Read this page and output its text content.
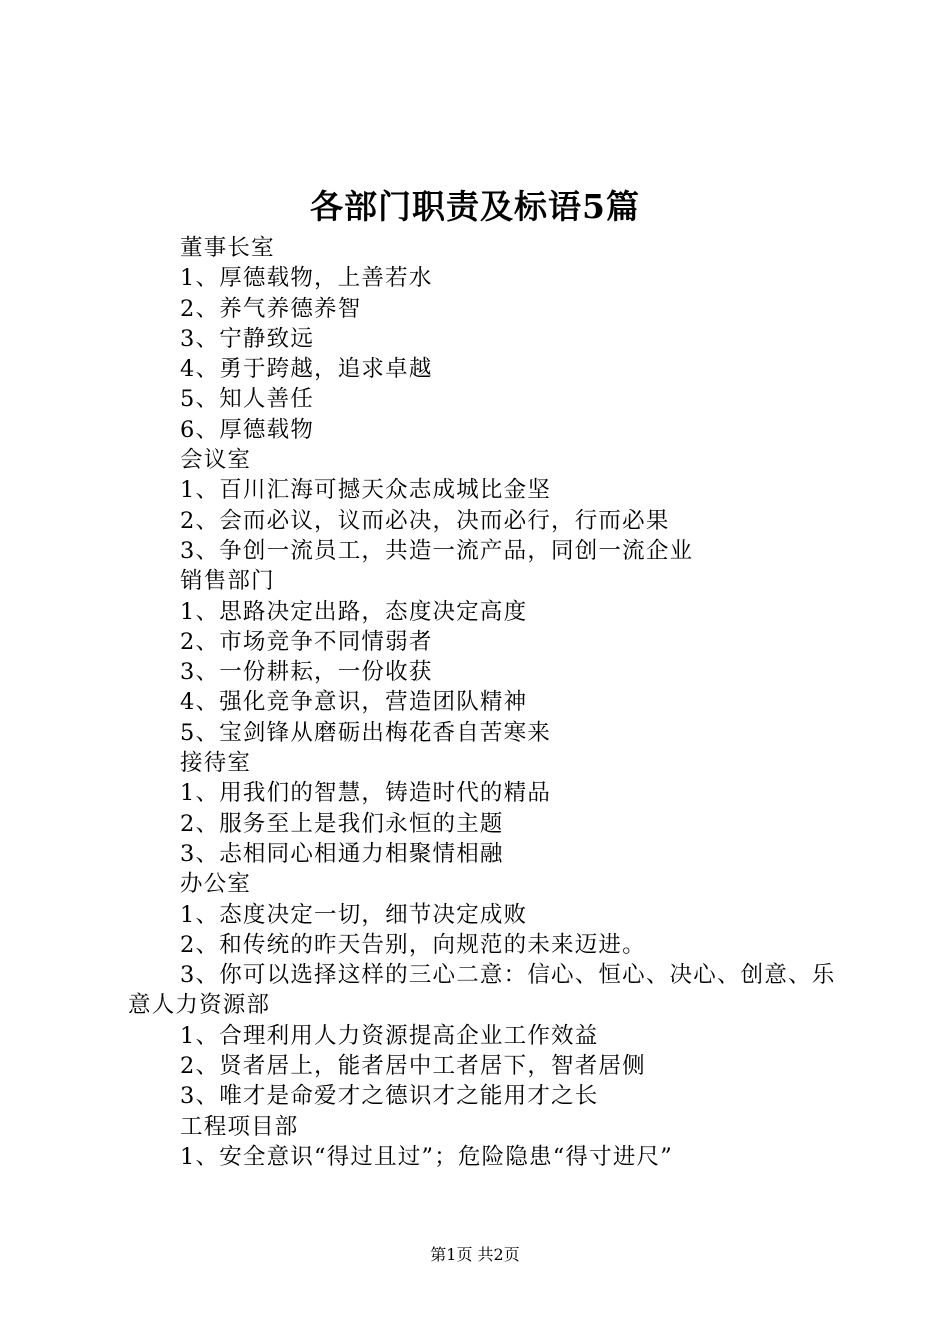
各部门职责及标语5篇
董事长室
1、厚德载物，上善若水
2、养气养德养智
3、宁静致远
4、勇于跨越，追求卓越
5、知人善任
6、厚德载物
会议室
1、百川汇海可撼天众志成城比金坚
2、会而必议，议而必决，决而必行，行而必果
3、争创一流员工，共造一流产品，同创一流企业
销售部门
1、思路决定出路，态度决定高度
2、市场竞争不同情弱者
3、一份耕耘，一份收获
4、强化竞争意识，营造团队精神
5、宝剑锋从磨砺出梅花香自苦寒来
接待室
1、用我们的智慧，铸造时代的精品
2、服务至上是我们永恒的主题
3、忐相同心相通力相聚情相融
办公室
1、态度决定一切，细节决定成败
2、和传统的昨天告别，向规范的未来迈进。
3、你可以选择这样的三心二意：信心、恒心、决心、创意、乐意人力资源部
1、合理利用人力资源提高企业工作效益
2、贤者居上，能者居中工者居下，智者居侧
3、唯才是命爱才之德识才之能用才之长
工程项目部
1、安全意识“得过且过”；危险隐患“得寸进尺”
第1页 共2页
